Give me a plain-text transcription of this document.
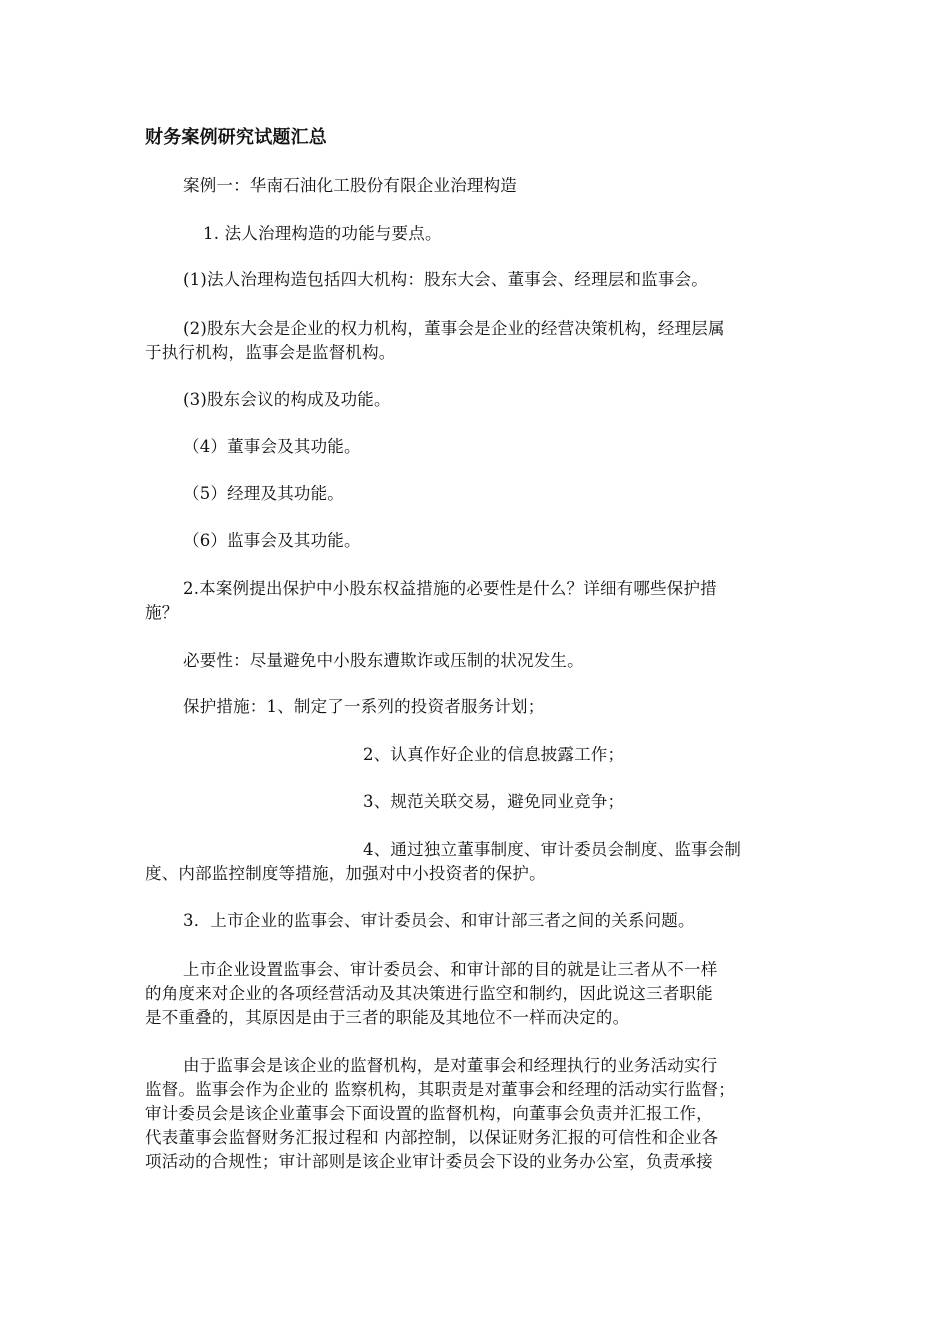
财务案例研究试题汇总
案例一：华南石油化工股份有限企业治理构造
1. 法人治理构造的功能与要点。
(1)法人治理构造包括四大机构：股东大会、董事会、经理层和监事会。
(2)股东大会是企业的权力机构，董事会是企业的经营决策机构，经理层属
于执行机构，监事会是监督机构。
(3)股东会议的构成及功能。
（4）董事会及其功能。
（5）经理及其功能。
（6）监事会及其功能。
2.本案例提出保护中小股东权益措施的必要性是什么？详细有哪些保护措
施？
必要性：尽量避免中小股东遭欺诈或压制的状况发生。
保护措施：1、制定了一系列的投资者服务计划；
2、认真作好企业的信息披露工作；
3、规范关联交易，避免同业竞争；
4、通过独立董事制度、审计委员会制度、监事会制
度、内部监控制度等措施，加强对中小投资者的保护。
3．上市企业的监事会、审计委员会、和审计部三者之间的关系问题。
上市企业设置监事会、审计委员会、和审计部的目的就是让三者从不一样
的角度来对企业的各项经营活动及其决策进行监空和制约，因此说这三者职能
是不重叠的，其原因是由于三者的职能及其地位不一样而决定的。
由于监事会是该企业的监督机构，是对董事会和经理执行的业务活动实行
监督。监事会作为企业的 监察机构，其职责是对董事会和经理的活动实行监督；
审计委员会是该企业董事会下面设置的监督机构，向董事会负责并汇报工作，
代表董事会监督财务汇报过程和 内部控制，以保证财务汇报的可信性和企业各
项活动的合规性；审计部则是该企业审计委员会下设的业务办公室，负责承接
